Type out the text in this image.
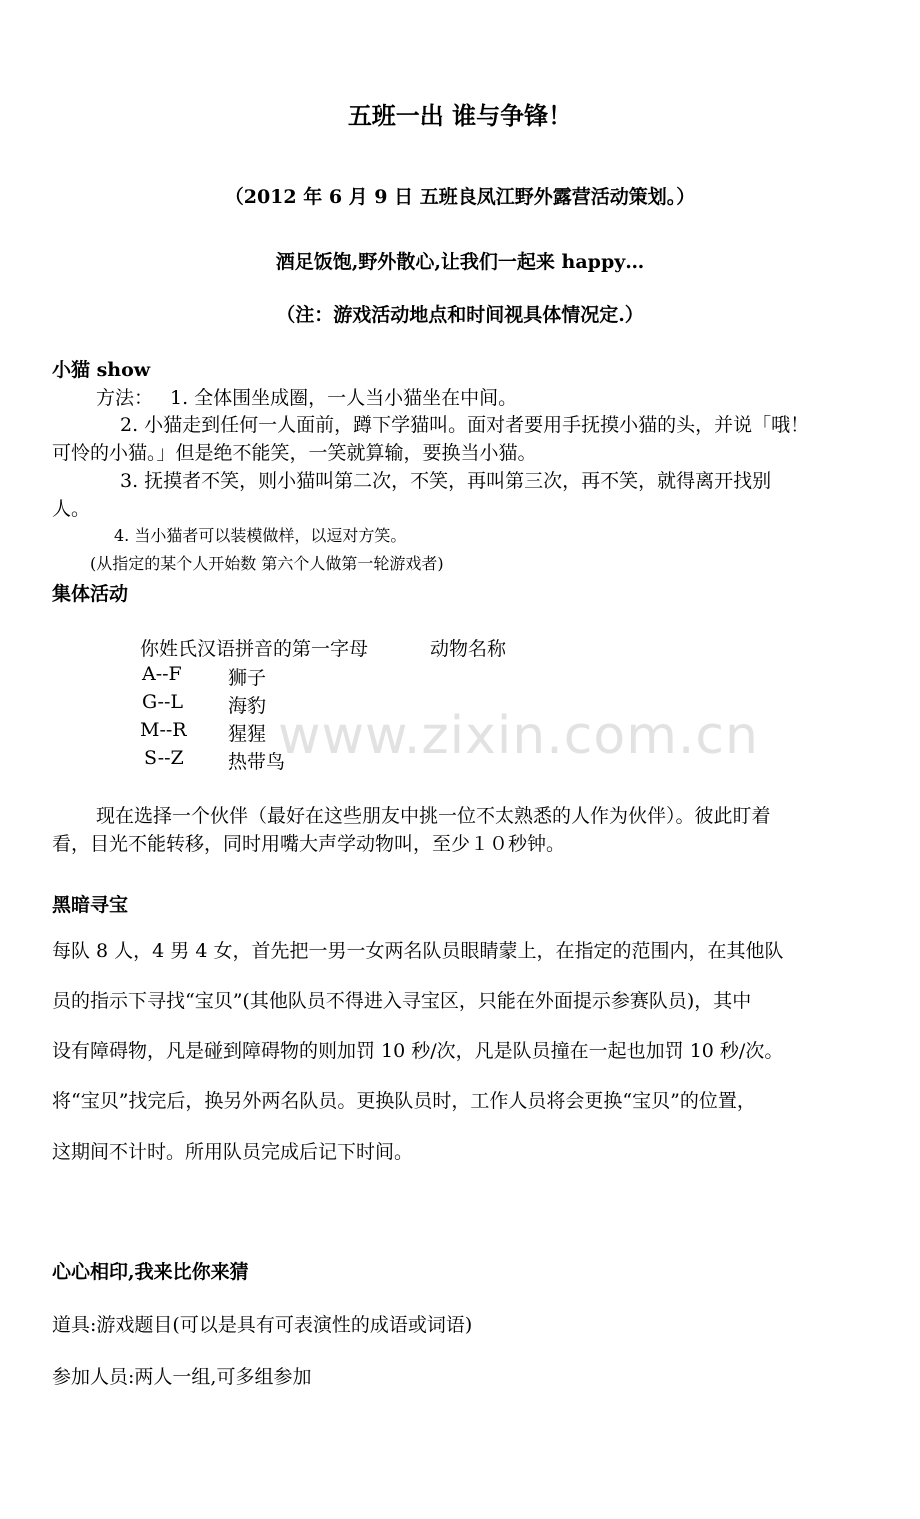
www.zixin.com.cn
五班一出 谁与争锋！
（2012 年 6 月 9 日 五班良凤江野外露营活动策划。）
酒足饭饱,野外散心,让我们一起来 happy…
（注：游戏活动地点和时间视具体情况定.）
小猫 show
方法： 1. 全体围坐成圈，一人当小猫坐在中间。
2. 小猫走到任何一人面前，蹲下学猫叫。面对者要用手抚摸小猫的头，并说「哦！
可怜的小猫。」但是绝不能笑，一笑就算输，要换当小猫。
3. 抚摸者不笑，则小猫叫第二次，不笑，再叫第三次，再不笑，就得离开找别
人。
4. 当小猫者可以装模做样，以逗对方笑。
(从指定的某个人开始数 第六个人做第一轮游戏者)
集体活动
你姓氏汉语拼音的第一字母	动物名称
A--F 狮子
G--L 海豹
M--R 猩猩
S--Z 热带鸟
现在选择一个伙伴（最好在这些朋友中挑一位不太熟悉的人作为伙伴）。彼此盯着
看，目光不能转移，同时用嘴大声学动物叫，至少１０秒钟。
黑暗寻宝
每队 8 人，4 男 4 女，首先把一男一女两名队员眼睛蒙上，在指定的范围内，在其他队
员的指示下寻找“宝贝”(其他队员不得进入寻宝区，只能在外面提示参赛队员)，其中
设有障碍物，凡是碰到障碍物的则加罚 10 秒/次，凡是队员撞在一起也加罚 10 秒/次。
将“宝贝”找完后，换另外两名队员。更换队员时，工作人员将会更换“宝贝”的位置，
这期间不计时。所用队员完成后记下时间。
心心相印,我来比你来猜
道具:游戏题目(可以是具有可表演性的成语或词语)
参加人员:两人一组,可多组参加
